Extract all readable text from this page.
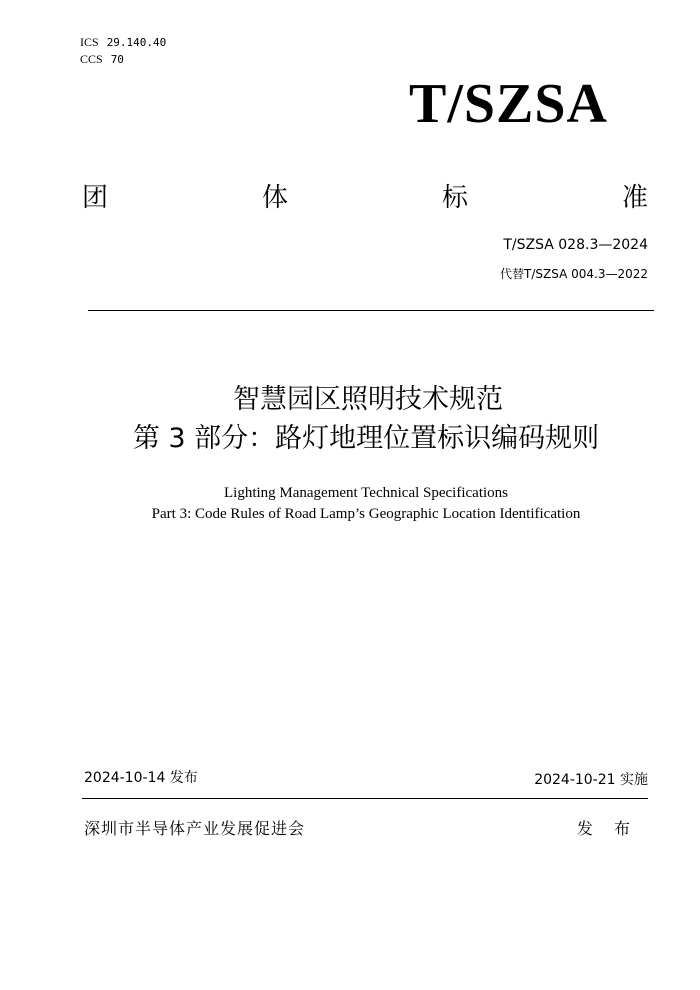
ICS 29.140.40
CCS 70
T/SZSA
团	体	标	准
T/SZSA 028.3—2024
代替T/SZSA 004.3—2022
智慧园区照明技术规范
第 3 部分：路灯地理位置标识编码规则
Lighting Management Technical Specifications
Part 3: Code Rules of Road Lamp’s Geographic Location Identification
2024-10-14 发布	2024-10-21 实施
深圳市半导体产业发展促进会	发 布
